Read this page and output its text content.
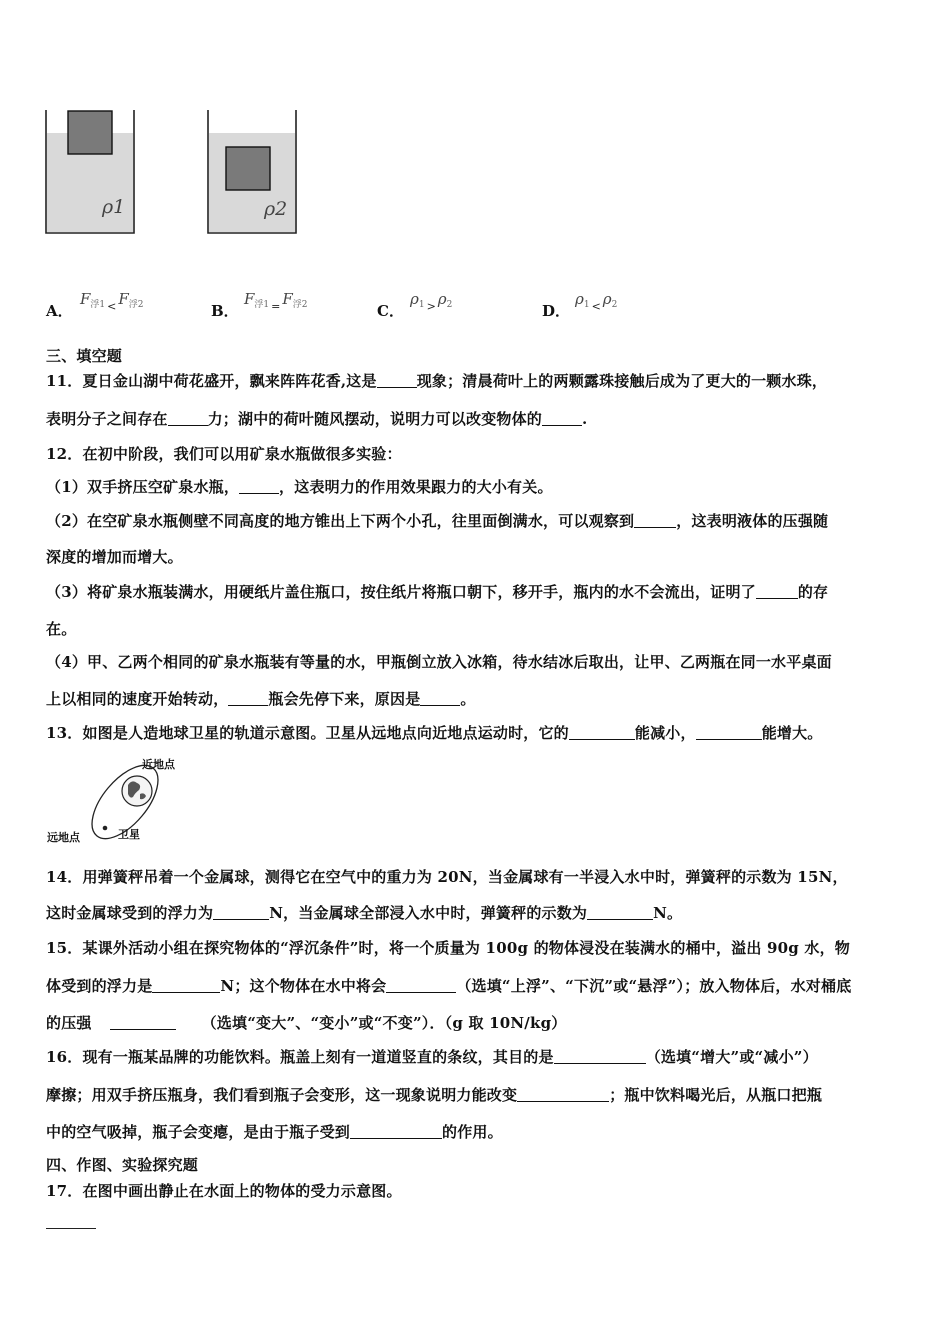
ρ1	ρ2
A．
$F_{浮1}$ $_<$ $F_{浮2}$	B．
$F_{浮1}$ $_=$ $F_{浮2}$	C．
$\rho_1$ $_>$ $\rho_2$	D．
$\rho_1$ $_<$ $\rho_2$
三、填空题
11．夏日金山湖中荷花盛开，飘来阵阵花香,这是	现象；清晨荷叶上的两颗露珠接触后成为了更大的一颗水珠，
表明分子之间存在	力；湖中的荷叶随风摆动，说明力可以改变物体的	.
12．在初中阶段，我们可以用矿泉水瓶做很多实验：
（1）双手挤压空矿泉水瓶，	，这表明力的作用效果跟力的大小有关。
（2）在空矿泉水瓶侧壁不同高度的地方锥出上下两个小孔，往里面倒满水，可以观察到	，这表明液体的压强随
深度的增加而增大。
（3）将矿泉水瓶装满水，用硬纸片盖住瓶口，按住纸片将瓶口朝下，移开手，瓶内的水不会流出，证明了	的存
在。
（4）甲、乙两个相同的矿泉水瓶装有等量的水，甲瓶倒立放入冰箱，待水结冰后取出，让甲、乙两瓶在同一水平桌面
上以相同的速度开始转动，	瓶会先停下来，原因是	。
13．如图是人造地球卫星的轨道示意图。卫星从远地点向近地点运动时，它的	能减小，	能增大。
近地点
远地点	卫星
14．用弹簧秤吊着一个金属球，测得它在空气中的重力为 20N，当金属球有一半浸入水中时，弹簧秤的示数为 15N，
这时金属球受到的浮力为	N，当金属球全部浸入水中时，弹簧秤的示数为	N。
15．某课外活动小组在探究物体的“浮沉条件”时，将一个质量为 100g 的物体浸没在装满水的桶中，溢出 90g 水，物
体受到的浮力是	N；这个物体在水中将会	（选填“上浮”、“下沉”或“悬浮”）；放入物体后，水对桶底
的压强	（选填“变大”、“变小”或“不变”）．（g 取 10N/kg）
16．现有一瓶某品牌的功能饮料。瓶盖上刻有一道道竖直的条纹，其目的是	（选填“增大”或“减小”）
摩擦；用双手挤压瓶身，我们看到瓶子会变形，这一现象说明力能改变	；瓶中饮料喝光后，从瓶口把瓶
中的空气吸掉，瓶子会变瘪，是由于瓶子受到	的作用。
四、作图、实验探究题
17．在图中画出静止在水面上的物体的受力示意图。
